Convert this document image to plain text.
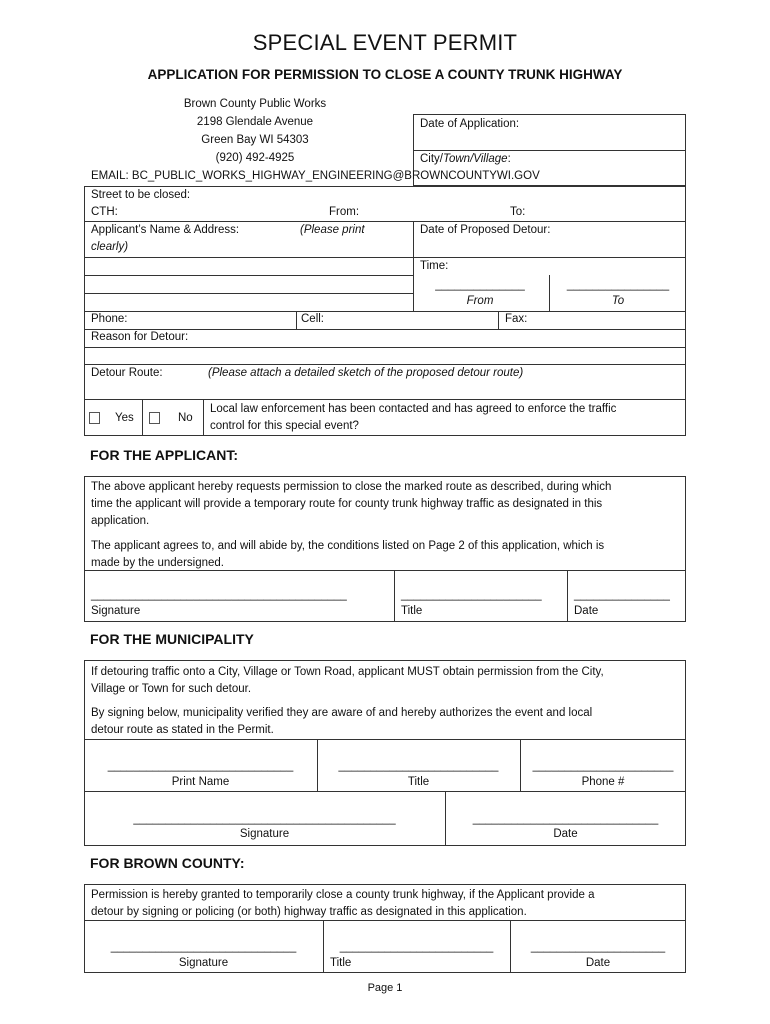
SPECIAL EVENT PERMIT
APPLICATION FOR PERMISSION TO CLOSE A COUNTY TRUNK HIGHWAY
Brown County Public Works
2198 Glendale Avenue
Green Bay WI 54303
(920) 492-4925
Date of Application:
City/Town/Village:
EMAIL: BC_PUBLIC_WORKS_HIGHWAY_ENGINEERING@BROWNCOUNTYWI.GOV
Street to be closed:
CTH:	From:	To:
Applicant’s Name & Address:	(Please print
clearly)
Date of Proposed Detour:
Time:
______________	________________
From	To
Phone:	Cell:	Fax:
Reason for Detour:
Detour Route:	(Please attach a detailed sketch of the proposed detour route)
Yes	No
Local law enforcement has been contacted and has agreed to enforce the traffic
control for this special event?
FOR THE APPLICANT:
The above applicant hereby requests permission to close the marked route as described, during which
time the applicant will provide a temporary route for county trunk highway traffic as designated in this
application.
The applicant agrees to, and will abide by, the conditions listed on Page 2 of this application, which is
made by the undersigned.
________________________________________	______________________	_______________
Signature	Title	Date
FOR THE MUNICIPALITY
If detouring traffic onto a City, Village or Town Road, applicant MUST obtain permission from the City,
Village or Town for such detour.
By signing below, municipality verified they are aware of and hereby authorizes the event and local
detour route as stated in the Permit.
_____________________________	_________________________	______________________
Print Name	Title	Phone #
_________________________________________	_____________________________
Signature	Date
FOR BROWN COUNTY:
Permission is hereby granted to temporarily close a county trunk highway, if the Applicant provide a
detour by signing or policing (or both) highway traffic as designated in this application.
_____________________________	________________________	_____________________
Signature	Title	Date
Page 1
